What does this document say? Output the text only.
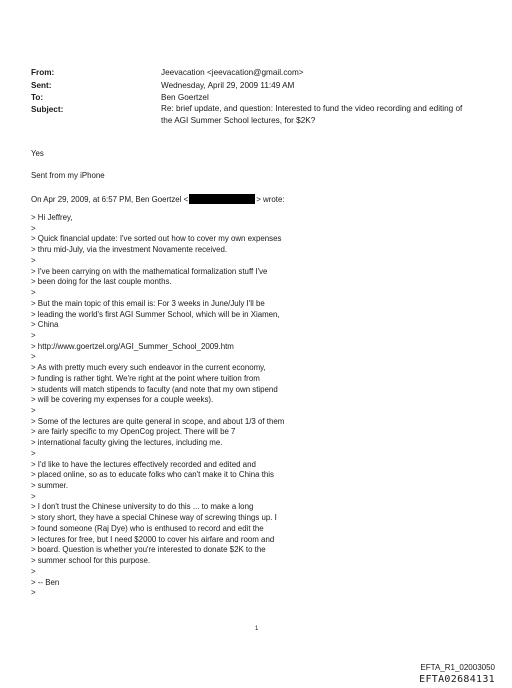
From:	Jeevacation <jeevacation@gmail.com>
Sent:	Wednesday, April 29, 2009 11:49 AM
To:	Ben Goertzel
Subject:	Re: brief update, and question: Interested to fund the video recording and editing of
the AGI Summer School lectures, for $2K?
Yes
Sent from my iPhone
On Apr 29, 2009, at 6:57 PM, Ben Goertzel <	> wrote:
> Hi Jeffrey,
>
> Quick financial update: I've sorted out how to cover my own expenses
> thru mid-July, via the investment Novamente received.
>
> I've been carrying on with the mathematical formalization stuff I've
> been doing for the last couple months.
>
> But the main topic of this email is: For 3 weeks in June/July I'll be
> leading the world's first AGI Summer School, which will be in Xiamen,
> China
>
> http://www.goertzel.org/AGI_Summer_School_2009.htm
>
> As with pretty much every such endeavor in the current economy,
> funding is rather tight. We're right at the point where tuition from
> students will match stipends to faculty (and note that my own stipend
> will be covering my expenses for a couple weeks).
>
> Some of the lectures are quite general in scope, and about 1/3 of them
> are fairly specific to my OpenCog project. There will be 7
> international faculty giving the lectures, including me.
>
> I'd like to have the lectures effectively recorded and edited and
> placed online, so as to educate folks who can't make it to China this
> summer.
>
> I don't trust the Chinese university to do this ... to make a long
> story short, they have a special Chinese way of screwing things up. I
> found someone (Raj Dye) who is enthused to record and edit the
> lectures for free, but I need $2000 to cover his airfare and room and
> board. Question is whether you're interested to donate $2K to the
> summer school for this purpose.
>
> -- Ben
>
1
EFTA_R1_02003050
EFTA02684131
